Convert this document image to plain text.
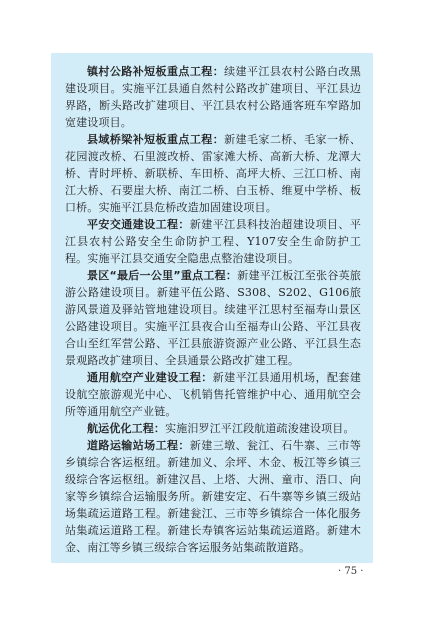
镇村公路补短板重点工程：续建平江县农村公路白改黑建设项目。实施平江县通自然村公路改扩建项目、平江县边界路，断头路改扩建项目、平江县农村公路通客班车窄路加宽建设项目。

县域桥梁补短板重点工程：新建毛家二桥、毛家一桥、花园渡改桥、石里渡改桥、雷家滩大桥、高新大桥、龙潭大桥、青时坪桥、新联桥、车田桥、高坪大桥、三江口桥、南江大桥、石要崖大桥、南江二桥、白玉桥、维夏中学桥、板口桥。实施平江县危桥改造加固建设项目。

平安交通建设工程：新建平江县科技治超建设项目、平江县农村公路安全生命防护工程、Y107安全生命防护工程。实施平江县交通安全隐患点整治建设项目。

景区“最后一公里”重点工程：新建平江板江至张谷英旅游公路建设项目。新建平伍公路、S308、S202、G106旅游风景道及驿站管地建设项目。续建平江思村至福寿山景区公路建设项目。实施平江县夜合山至福寿山公路、平江县夜合山至红军营公路、平江县旅游资源产业公路、平江县生态景观路改扩建项目、全县通景公路改扩建工程。

通用航空产业建设工程：新建平江县通用机场，配套建设航空旅游观光中心、飞机销售托管维护中心、通用航空会所等通用航空产业链。

航运优化工程：实施汨罗江平江段航道疏浚建设项目。

道路运输站场工程：新建三墩、瓮江、石牛寨、三市等乡镇综合客运枢纽。新建加义、余坪、木金、板江等乡镇三级综合客运枢纽。新建汉昌、上塔、大洲、童市、浯口、向家等乡镇综合运输服务所。新建安定、石牛寨等乡镇三级站场集疏运道路工程。新建瓮江、三市等乡镇综合一体化服务站集疏运道路工程。新建长寿镇客运站集疏运道路。新建木金、南江等乡镇三级综合客运服务站集疏散道路。

· 75 ·
